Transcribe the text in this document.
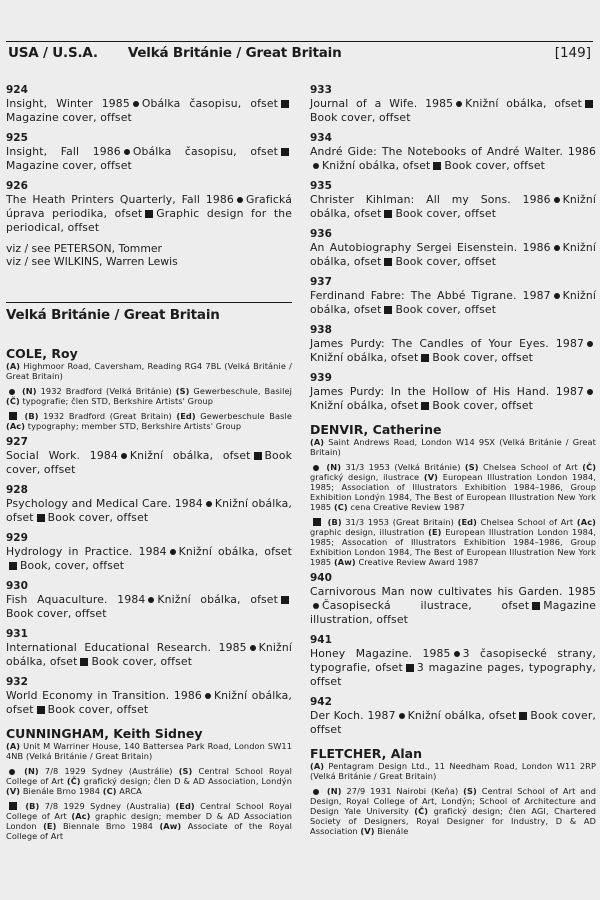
USA / U.S.A. Velká Británie / Great Britain	[149]
924
Insight, Winter 1985 Obálka časopisu, ofsetMagazine cover, offset
925
Insight, Fall 1986 Obálka časopisu, ofsetMagazine cover, offset
926
The Heath Printers Quarterly, Fall 1986 Grafická úprava periodika, ofset Graphic design for the periodical, offset
viz / see PETERSON, Tommer
viz / see WILKINS, Warren Lewis
Velká Británie / Great Britain
COLE, Roy
(A) Highmoor Road, Caversham, Reading RG4 7BL (Velká Británie / Great Britain)
(N) 1932 Bradford (Velká Británie) (S) Gewerbeschule, Basilej (Č) typografie; člen STD, Berkshire Artists' Group
(B) 1932 Bradford (Great Britain) (Ed) Gewerbeschule Basle (Ac) typography; member STD, Berkshire Artists' Group
927
Social Work. 1984 Knižní obálka, ofset Book cover, offset
928
Psychology and Medical Care. 1984 Knižní obálka, ofset Book cover, offset
929
Hydrology in Practice. 1984 Knižní obálka, ofsetBook, cover, offset
930
Fish Aquaculture. 1984 Knižní obálka, ofsetBook cover, offset
931
International Educational Research. 1985 Knižní obálka, ofset Book cover, offset
932
World Economy in Transition. 1986 Knižní obálka, ofset Book cover, offset
CUNNINGHAM, Keith Sidney
(A) Unit M Warriner House, 140 Battersea Park Road, London SW11 4NB (Velká Británie / Great Britain)
(N) 7/8 1929 Sydney (Austrálie) (S) Central School Royal College of Art (Č) grafický design; člen D & AD Association, Londýn (V) Bienále Brno 1984 (C) ARCA
(B) 7/8 1929 Sydney (Australia) (Ed) Central School Royal College of Art (Ac) graphic design; member D & AD Association London (E) Biennale Brno 1984 (Aw) Associate of the Royal College of Art
933
Journal of a Wife. 1985 Knižní obálka, ofsetBook cover, offset
934
André Gide: The Notebooks of André Walter. 1986Knižní obálka, ofset Book cover, offset
935
Christer Kihlman: All my Sons. 1986 Knižní obálka, ofset Book cover, offset
936
An Autobiography Sergei Eisenstein. 1986 Knižní obálka, ofset Book cover, offset
937
Ferdinand Fabre: The Abbé Tigrane. 1987 Knižní obálka, ofset Book cover, offset
938
James Purdy: The Candles of Your Eyes. 1987Knižní obálka, ofset Book cover, offset
939
James Purdy: In the Hollow of His Hand. 1987Knižní obálka, ofset Book cover, offset
DENVIR, Catherine
(A) Saint Andrews Road, London W14 9SX (Velká Británie / Great Britain)
(N) 31/3 1953 (Velká Británie) (S) Chelsea School of Art (Č) grafický design, ilustrace (V) European Illustration London 1984, 1985; Association of Illustrators Exhibition 1984–1986, Group Exhibition Londýn 1984, The Best of European Illustration New York 1985 (C) cena Creative Review 1987
(B) 31/3 1953 (Great Britain) (Ed) Chelsea School of Art (Ac) graphic design, illustration (E) European Illustration London 1984, 1985; Assocation of Illustrators Exhibition 1984–1986, Group Exhibition London 1984, The Best of European Illustration New York 1985 (Aw) Creative Review Award 1987
940
Carnivorous Man now cultivates his Garden. 1985Časopisecká ilustrace, ofset Magazine illustration, offset
941
Honey Magazine. 1985 3 časopisecké strany, typografie, ofset 3 magazine pages, typography, offset
942
Der Koch. 1987 Knižní obálka, ofset Book cover, offset
FLETCHER, Alan
(A) Pentagram Design Ltd., 11 Needham Road, London W11 2RP (Velká Británie / Great Britain)
(N) 27/9 1931 Nairobi (Keňa) (S) Central School of Art and Design, Royal College of Art, Londýn; School of Architecture and Design Yale University (Č) grafický design; člen AGI, Chartered Society of Designers, Royal Designer for Industry, D & AD Association (V) Bienále
